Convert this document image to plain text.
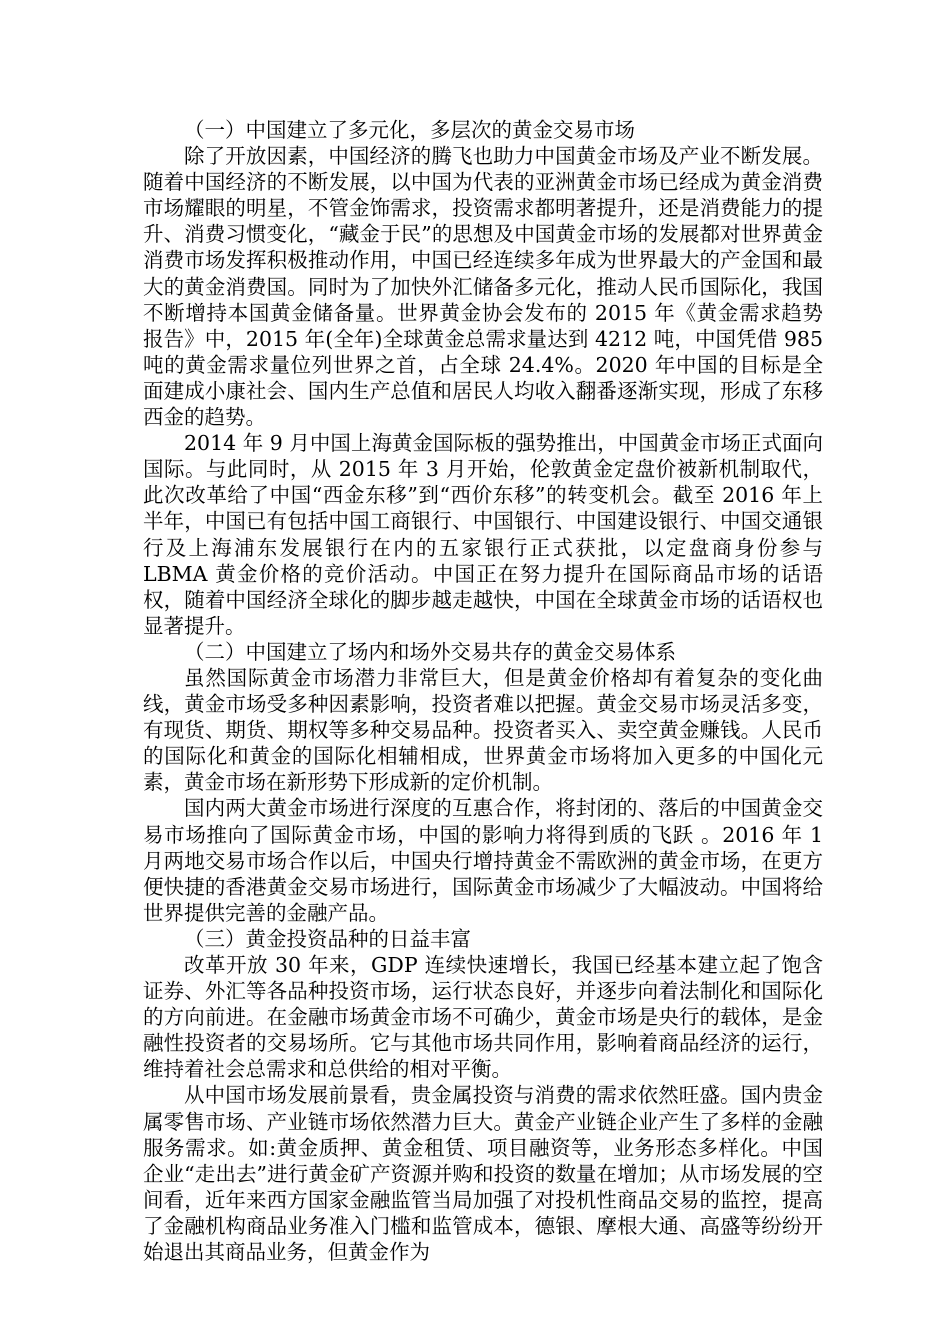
（一）中国建立了多元化，多层次的黄金交易市场

除了开放因素，中国经济的腾飞也助力中国黄金市场及产业不断发展。随着中国经济的不断发展，以中国为代表的亚洲黄金市场已经成为黄金消费市场耀眼的明星，不管金饰需求，投资需求都明著提升，还是消费能力的提升、消费习惯变化，“藏金于民”的思想及中国黄金市场的发展都对世界黄金消费市场发挥积极推动作用，中国已经连续多年成为世界最大的产金国和最大的黄金消费国。同时为了加快外汇储备多元化，推动人民币国际化，我国不断增持本国黄金储备量。世界黄金协会发布的 2015 年《黄金需求趋势报告》中，2015 年(全年)全球黄金总需求量达到 4212 吨，中国凭借 985 吨的黄金需求量位列世界之首，占全球 24.4%。2020 年中国的目标是全面建成小康社会、国内生产总值和居民人均收入翻番逐渐实现，形成了东移西金的趋势。

2014 年 9 月中国上海黄金国际板的强势推出，中国黄金市场正式面向国际。与此同时，从 2015 年 3 月开始，伦敦黄金定盘价被新机制取代，此次改革给了中国“西金东移”到“西价东移”的转变机会。截至 2016 年上半年，中国已有包括中国工商银行、中国银行、中国建设银行、中国交通银行及上海浦东发展银行在内的五家银行正式获批，以定盘商身份参与 LBMA 黄金价格的竞价活动。中国正在努力提升在国际商品市场的话语权，随着中国经济全球化的脚步越走越快，中国在全球黄金市场的话语权也显著提升。

（二）中国建立了场内和场外交易共存的黄金交易体系

虽然国际黄金市场潜力非常巨大，但是黄金价格却有着复杂的变化曲线，黄金市场受多种因素影响，投资者难以把握。黄金交易市场灵活多变，有现货、期货、期权等多种交易品种。投资者买入、卖空黄金赚钱。人民币的国际化和黄金的国际化相辅相成，世界黄金市场将加入更多的中国化元素，黄金市场在新形势下形成新的定价机制。

国内两大黄金市场进行深度的互惠合作，将封闭的、落后的中国黄金交易市场推向了国际黄金市场，中国的影响力将得到质的飞跃 。2016 年 1 月两地交易市场合作以后，中国央行增持黄金不需欧洲的黄金市场，在更方便快捷的香港黄金交易市场进行，国际黄金市场减少了大幅波动。中国将给世界提供完善的金融产品。

（三）黄金投资品种的日益丰富

改革开放 30 年来，GDP 连续快速增长，我国已经基本建立起了饱含证券、外汇等各品种投资市场，运行状态良好，并逐步向着法制化和国际化的方向前进。在金融市场黄金市场不可确少，黄金市场是央行的载体，是金融性投资者的交易场所。它与其他市场共同作用，影响着商品经济的运行，维持着社会总需求和总供给的相对平衡。

从中国市场发展前景看，贵金属投资与消费的需求依然旺盛。国内贵金属零售市场、产业链市场依然潜力巨大。黄金产业链企业产生了多样的金融服务需求。如:黄金质押、黄金租赁、项目融资等，业务形态多样化。中国企业“走出去”进行黄金矿产资源并购和投资的数量在增加；从市场发展的空间看，近年来西方国家金融监管当局加强了对投机性商品交易的监控，提高了金融机构商品业务准入门槛和监管成本，德银、摩根大通、高盛等纷纷开始退出其商品业务，但黄金作为
